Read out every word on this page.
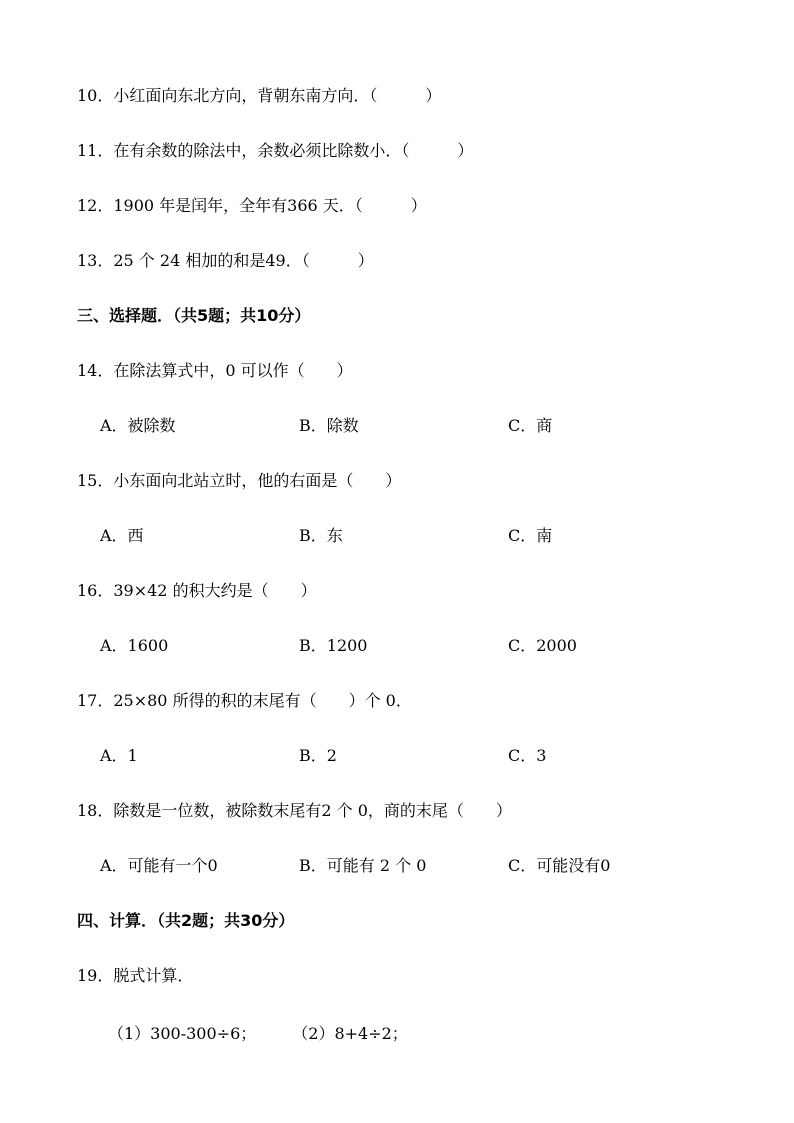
10．小红面向东北方向，背朝东南方向．（　　　）
11．在有余数的除法中，余数必须比除数小．（　　　）
12．1900 年是闰年，全年有366 天．（　　　）
13．25 个 24 相加的和是49．（　　　）
三、选择题．（共5题；共10分）
14．在除法算式中，0 可以作（　　）
A．被除数	B．除数	C．商
15．小东面向北站立时，他的右面是（　　）
A．西	B．东	C．南
16．39×42 的积大约是（　　）
A．1600	B．1200	C．2000
17．25×80 所得的积的末尾有（　　）个 0．
A．1	B．2	C．3
18．除数是一位数，被除数末尾有2 个 0，商的末尾（　　）
A．可能有一个0	B．可能有 2 个 0	C．可能没有0
四、计算．（共2题；共30分）
19．脱式计算．
（1）300-300÷6； （2）8+4÷2；
